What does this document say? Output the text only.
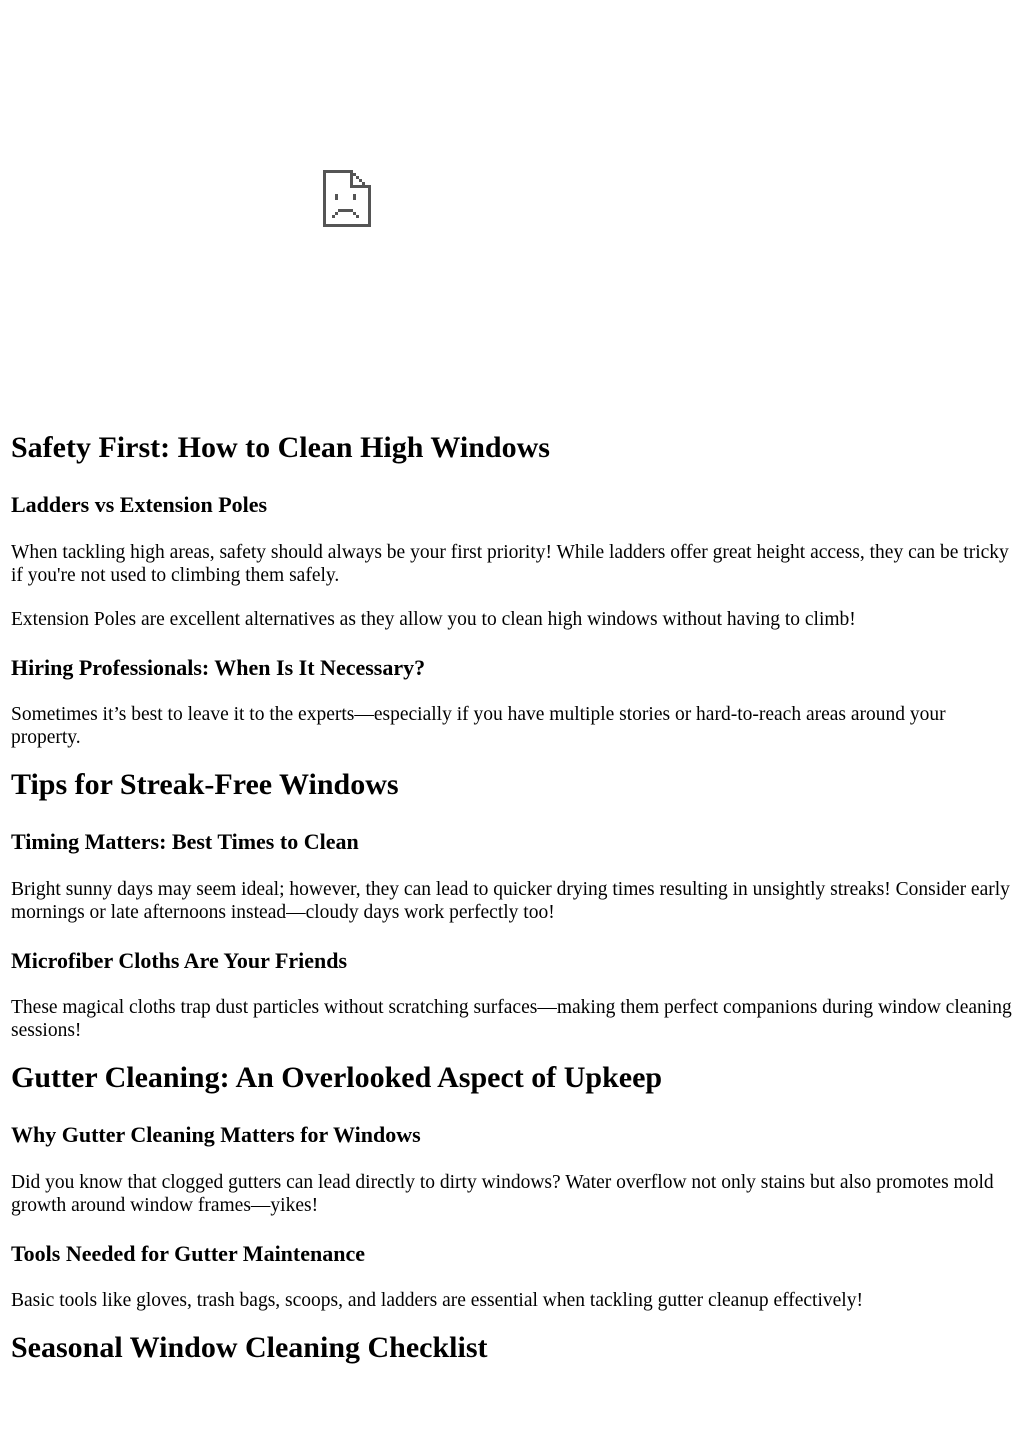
Safety First: How to Clean High Windows
Ladders vs Extension Poles

When tackling high areas, safety should always be your first priority! While ladders offer great height access, they can be tricky if you're not used to climbing them safely.

Extension Poles are excellent alternatives as they allow you to clean high windows without having to climb!

Hiring Professionals: When Is It Necessary?

Sometimes it’s best to leave it to the experts—especially if you have multiple stories or hard-to-reach areas around your property.

Tips for Streak-Free Windows
Timing Matters: Best Times to Clean

Bright sunny days may seem ideal; however, they can lead to quicker drying times resulting in unsightly streaks! Consider early mornings or late afternoons instead—cloudy days work perfectly too!

Microfiber Cloths Are Your Friends

These magical cloths trap dust particles without scratching surfaces—making them perfect companions during window cleaning sessions!

Gutter Cleaning: An Overlooked Aspect of Upkeep
Why Gutter Cleaning Matters for Windows

Did you know that clogged gutters can lead directly to dirty windows? Water overflow not only stains but also promotes mold growth around window frames—yikes!

Tools Needed for Gutter Maintenance

Basic tools like gloves, trash bags, scoops, and ladders are essential when tackling gutter cleanup effectively!

Seasonal Window Cleaning Checklist
